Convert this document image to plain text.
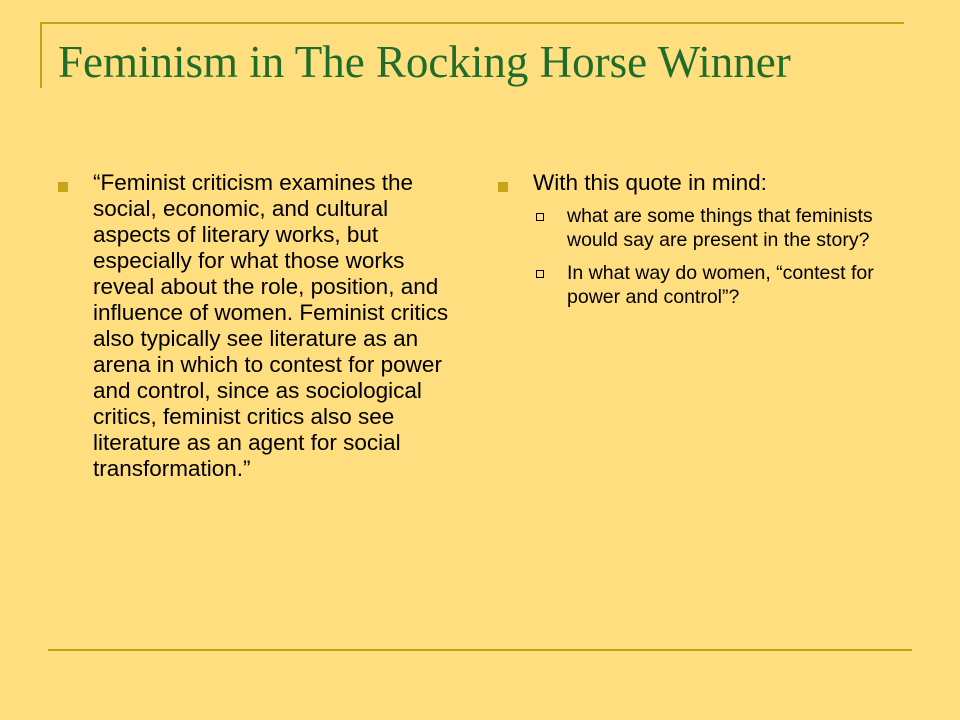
Feminism in The Rocking Horse Winner
“Feminist criticism examines the social, economic, and cultural aspects of literary works, but especially for what those works reveal about the role, position, and influence of women. Feminist critics also typically see literature as an arena in which to contest for power and control, since as sociological critics, feminist critics also see literature as an agent for social transformation.”
With this quote in mind:
what are some things that feminists would say are present in the story?
In what way do women, “contest for power and control”?
